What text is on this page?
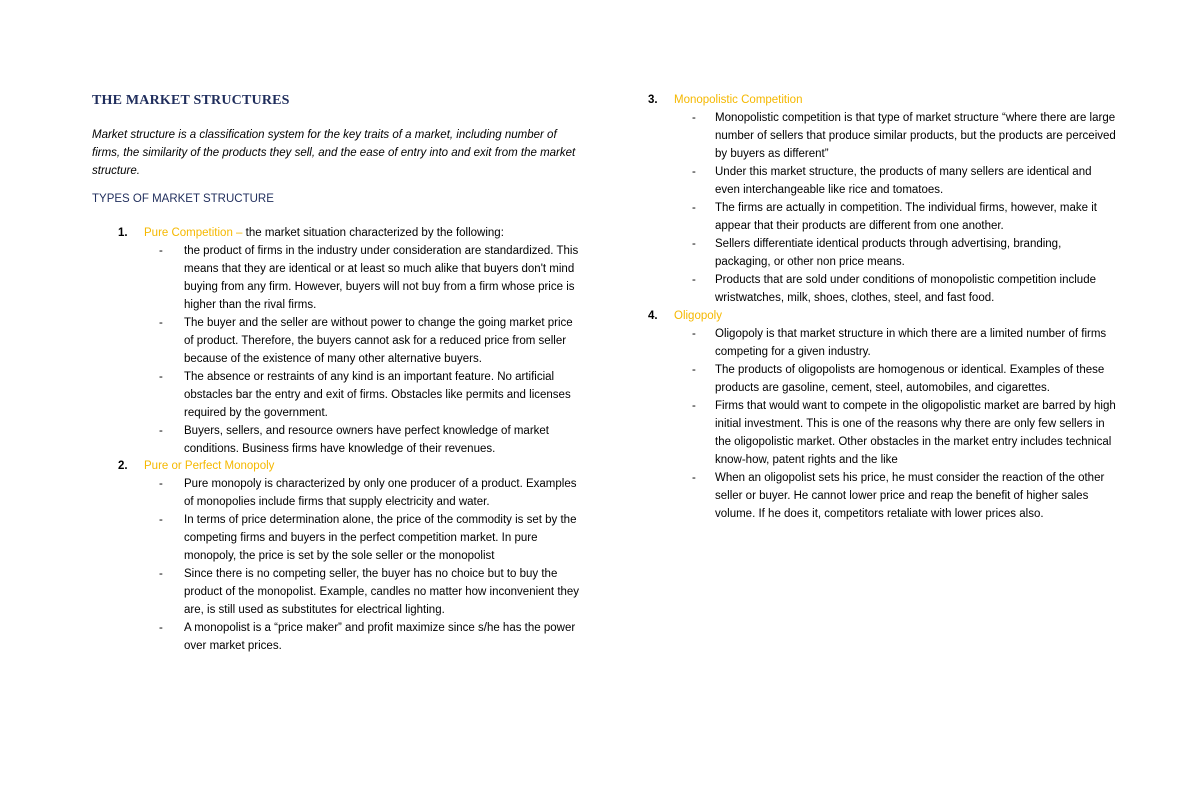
THE MARKET STRUCTURES

Market structure is a classification system for the key traits of a market, including number of firms, the similarity of the products they sell, and the ease of entry into and exit from the market structure.

TYPES OF MARKET STRUCTURE
1. Pure Competition – the market situation characterized by the following:
- the product of firms in the industry under consideration are standardized. This means that they are identical or at least so much alike that buyers don't mind buying from any firm. However, buyers will not buy from a firm whose price is higher than the rival firms.
- The buyer and the seller are without power to change the going market price of product. Therefore, the buyers cannot ask for a reduced price from seller because of the existence of many other alternative buyers.
- The absence or restraints of any kind is an important feature. No artificial obstacles bar the entry and exit of firms. Obstacles like permits and licenses required by the government.
- Buyers, sellers, and resource owners have perfect knowledge of market conditions. Business firms have knowledge of their revenues.
2. Pure or Perfect Monopoly
- Pure monopoly is characterized by only one producer of a product. Examples of monopolies include firms that supply electricity and water.
- In terms of price determination alone, the price of the commodity is set by the competing firms and buyers in the perfect competition market. In pure monopoly, the price is set by the sole seller or the monopolist
- Since there is no competing seller, the buyer has no choice but to buy the product of the monopolist. Example, candles no matter how inconvenient they are, is still used as substitutes for electrical lighting.
- A monopolist is a “price maker” and profit maximize since s/he has the power over market prices.
3. Monopolistic Competition
- Monopolistic competition is that type of market structure “where there are large number of sellers that produce similar products, but the products are perceived by buyers as different”
- Under this market structure, the products of many sellers are identical and even interchangeable like rice and tomatoes.
- The firms are actually in competition. The individual firms, however, make it appear that their products are different from one another.
- Sellers differentiate identical products through advertising, branding, packaging, or other non price means.
- Products that are sold under conditions of monopolistic competition include wristwatches, milk, shoes, clothes, steel, and fast food.
4. Oligopoly
- Oligopoly is that market structure in which there are a limited number of firms competing for a given industry.
- The products of oligopolists are homogenous or identical. Examples of these products are gasoline, cement, steel, automobiles, and cigarettes.
- Firms that would want to compete in the oligopolistic market are barred by high initial investment. This is one of the reasons why there are only few sellers in the oligopolistic market. Other obstacles in the market entry includes technical know-how, patent rights and the like
- When an oligopolist sets his price, he must consider the reaction of the other seller or buyer. He cannot lower price and reap the benefit of higher sales volume. If he does it, competitors retaliate with lower prices also.
